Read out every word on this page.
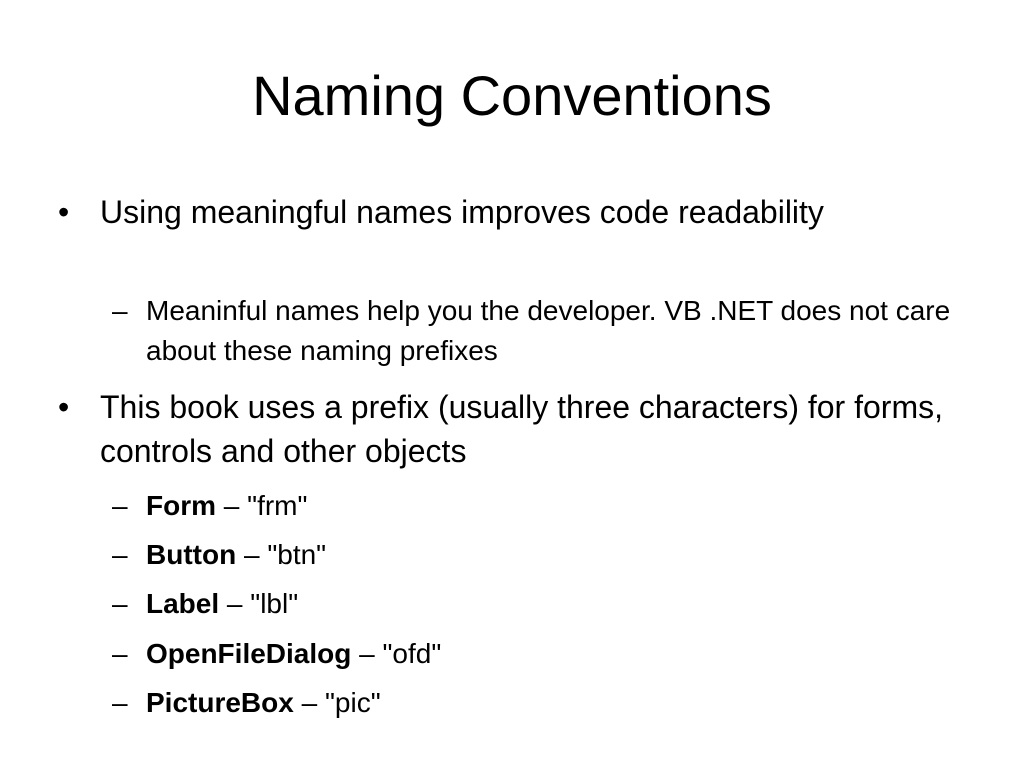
Naming Conventions
• Using meaningful names improves code readability
– Meaninful names help you the developer. VB .NET does not care about these naming prefixes
• This book uses a prefix (usually three characters) for forms, controls and other objects
– Form – "frm"
– Button – "btn"
– Label – "lbl"
– OpenFileDialog – "ofd"
– PictureBox – "pic"
